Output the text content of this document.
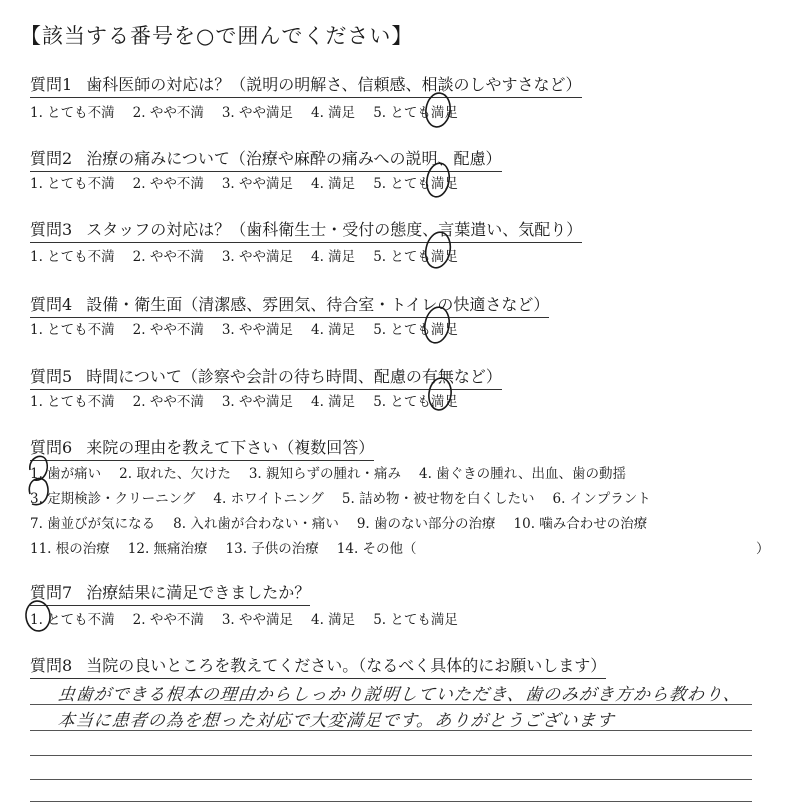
【該当する番号を○で囲んでください】
質問1 歯科医師の対応は？（説明の明解さ、信頼感、相談のしやすさなど）
1. とても不満 2. やや不満 3. やや満足 4. 満足 5. とても満足
質問2 治療の痛みについて（治療や麻酔の痛みへの説明、配慮）
1. とても不満 2. やや不満 3. やや満足 4. 満足 5. とても満足
質問3 スタッフの対応は？（歯科衛生士・受付の態度、言葉遣い、気配り）
1. とても不満 2. やや不満 3. やや満足 4. 満足 5. とても満足
質問4 設備・衛生面（清潔感、雰囲気、待合室・トイレの快適さなど）
1. とても不満 2. やや不満 3. やや満足 4. 満足 5. とても満足
質問5 時間について（診察や会計の待ち時間、配慮の有無など）
1. とても不満 2. やや不満 3. やや満足 4. 満足 5. とても満足
質問6 来院の理由を教えて下さい（複数回答）
1. 歯が痛い 2. 取れた、欠けた 3. 親知らずの腫れ・痛み 4. 歯ぐきの腫れ、出血、歯の動揺
3. 定期検診・クリーニング 4. ホワイトニング 5. 詰め物・被せ物を白くしたい 6. インプラント
7. 歯並びが気になる 8. 入れ歯が合わない・痛い 9. 歯のない部分の治療 10. 噛み合わせの治療
11. 根の治療 12. 無痛治療 13. 子供の治療 14. その他（	）
質問7 治療結果に満足できましたか？
1. とても不満 2. やや不満 3. やや満足 4. 満足 5. とても満足
質問8 当院の良いところを教えてください。（なるべく具体的にお願いします）
虫歯ができる根本の理由からしっかり説明していただき、歯のみがき方から教わり、
本当に患者の為を想った対応で大変満足です。ありがとうございます
